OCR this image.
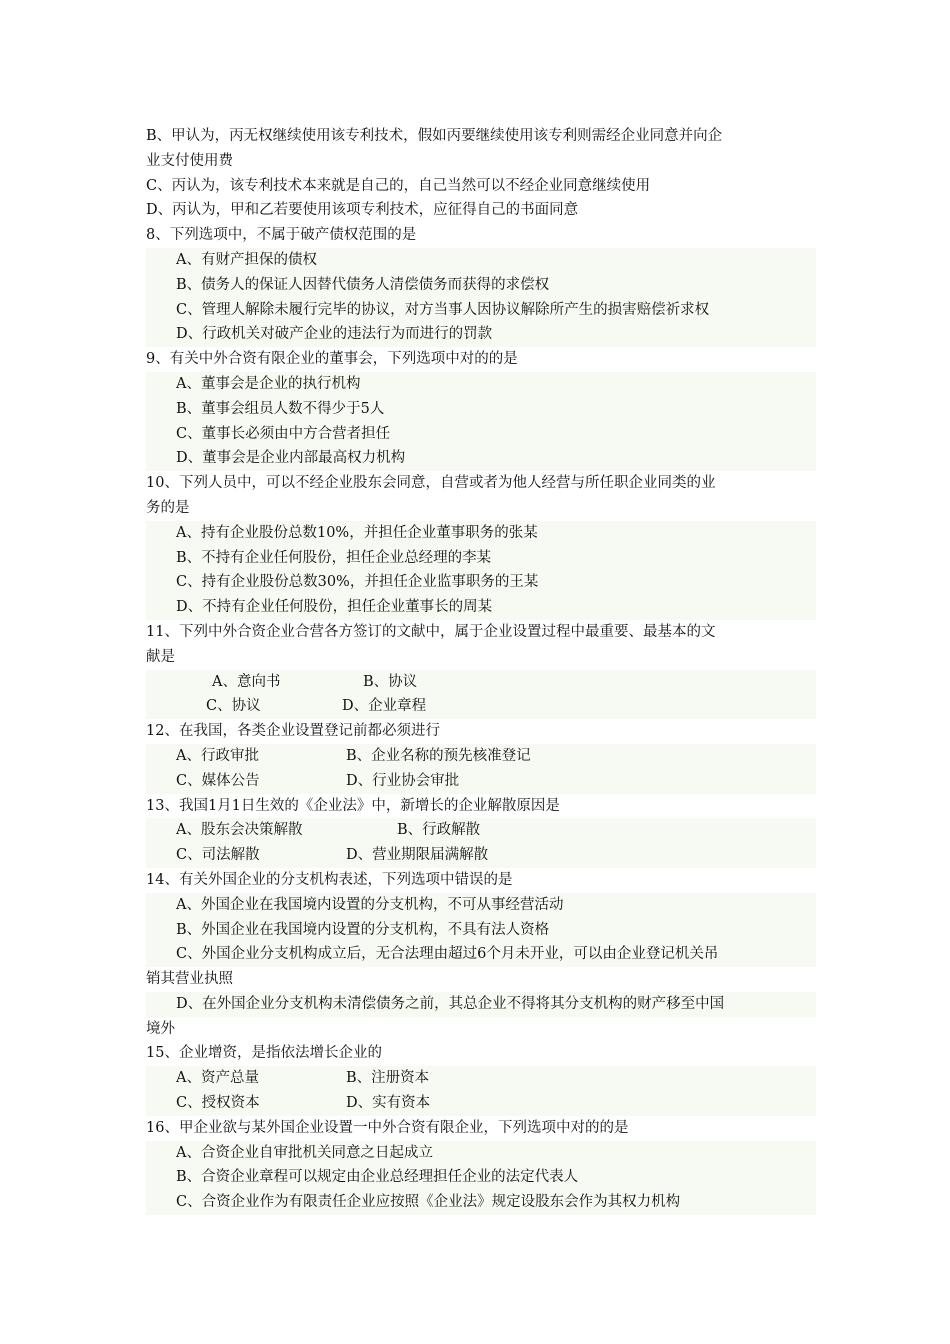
B、甲认为，丙无权继续使用该专利技术，假如丙要继续使用该专利则需经企业同意并向企
业支付使用费
C、丙认为，该专利技术本来就是自己的，自己当然可以不经企业同意继续使用
D、丙认为，甲和乙若要使用该项专利技术，应征得自己的书面同意
8、下列选项中，不属于破产债权范围的是
A、有财产担保的债权
B、债务人的保证人因替代债务人清偿债务而获得的求偿权
C、管理人解除未履行完毕的协议，对方当事人因协议解除所产生的损害赔偿祈求权
D、行政机关对破产企业的违法行为而进行的罚款
9、有关中外合资有限企业的董事会，下列选项中对的的是
A、董事会是企业的执行机构
B、董事会组员人数不得少于5人
C、董事长必须由中方合营者担任
D、董事会是企业内部最高权力机构
10、下列人员中，可以不经企业股东会同意，自营或者为他人经营与所任职企业同类的业
务的是
A、持有企业股份总数10%，并担任企业董事职务的张某
B、不持有企业任何股份，担任企业总经理的李某
C、持有企业股份总数30%，并担任企业监事职务的王某
D、不持有企业任何股份，担任企业董事长的周某
11、下列中外合资企业合营各方签订的文献中，属于企业设置过程中最重要、最基本的文
献是
A、意向书	B、协议
C、协议	D、企业章程
12、在我国，各类企业设置登记前都必须进行
A、行政审批	B、企业名称的预先核准登记
C、媒体公告	D、行业协会审批
13、我国1月1日生效的《企业法》中，新增长的企业解散原因是
A、股东会决策解散	B、行政解散
C、司法解散	D、营业期限届满解散
14、有关外国企业的分支机构表述，下列选项中错误的是
A、外国企业在我国境内设置的分支机构，不可从事经营活动
B、外国企业在我国境内设置的分支机构，不具有法人资格
C、外国企业分支机构成立后，无合法理由超过6个月未开业，可以由企业登记机关吊
销其营业执照
D、在外国企业分支机构未清偿债务之前，其总企业不得将其分支机构的财产移至中国
境外
15、企业增资，是指依法增长企业的
A、资产总量	B、注册资本
C、授权资本	D、实有资本
16、甲企业欲与某外国企业设置一中外合资有限企业，下列选项中对的的是
A、合资企业自审批机关同意之日起成立
B、合资企业章程可以规定由企业总经理担任企业的法定代表人
C、合资企业作为有限责任企业应按照《企业法》规定设股东会作为其权力机构
